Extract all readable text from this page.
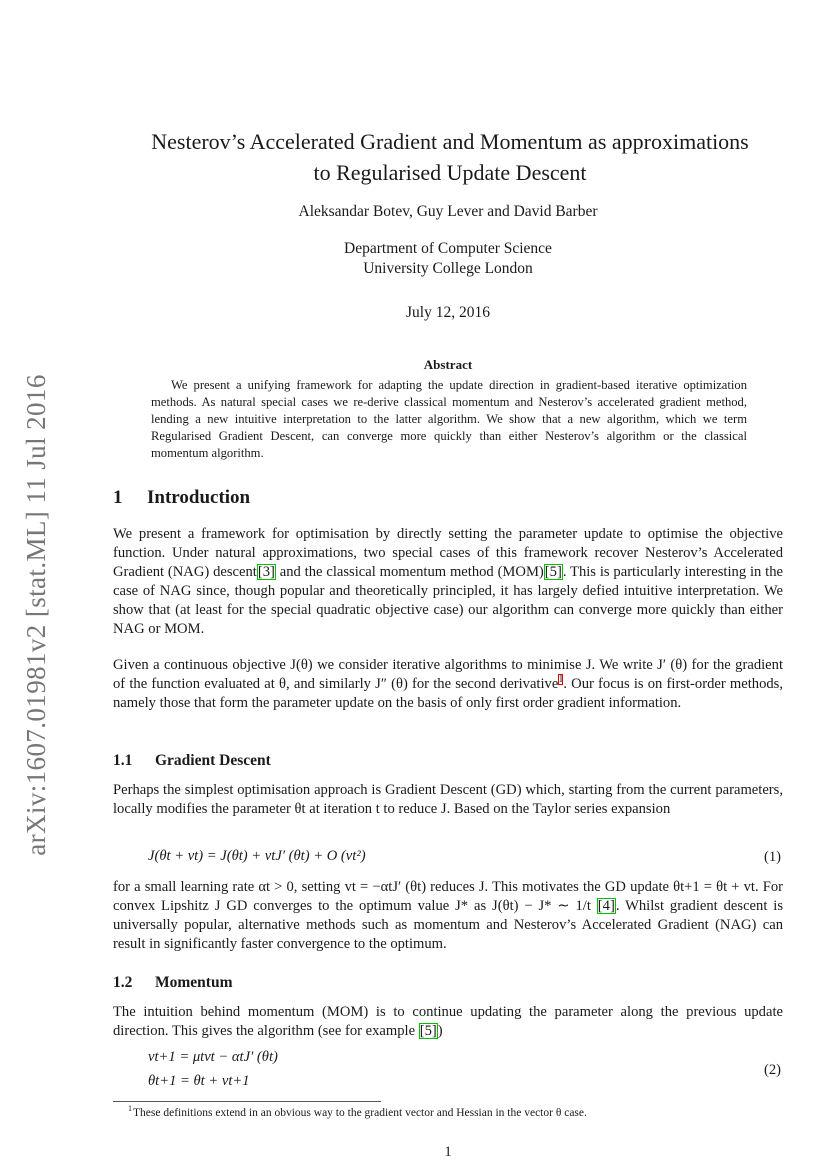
arXiv:1607.01981v2 [stat.ML] 11 Jul 2016
Nesterov’s Accelerated Gradient and Momentum as approximations
to Regularised Update Descent
Aleksandar Botev, Guy Lever and David Barber
Department of Computer Science
University College London
July 12, 2016
Abstract
We present a unifying framework for adapting the update direction in gradient-based iterative optimization methods. As natural special cases we re-derive classical momentum and Nesterov’s accelerated gradient method, lending a new intuitive interpretation to the latter algorithm. We show that a new algorithm, which we term Regularised Gradient Descent, can converge more quickly than either Nesterov’s algorithm or the classical momentum algorithm.
1 Introduction
We present a framework for optimisation by directly setting the parameter update to optimise the objective function. Under natural approximations, two special cases of this framework recover Nesterov’s Accelerated Gradient (NAG) descent[3] and the classical momentum method (MOM)[5]. This is particularly interesting in the case of NAG since, though popular and theoretically principled, it has largely defied intuitive interpretation. We show that (at least for the special quadratic objective case) our algorithm can converge more quickly than either NAG or MOM.
Given a continuous objective J(θ) we consider iterative algorithms to minimise J. We write J′ (θ) for the gradient of the function evaluated at θ, and similarly J″ (θ) for the second derivative$^1$. Our focus is on first-order methods, namely those that form the parameter update on the basis of only first order gradient information.
1.1 Gradient Descent
Perhaps the simplest optimisation approach is Gradient Descent (GD) which, starting from the current parameters, locally modifies the parameter θt at iteration t to reduce J. Based on the Taylor series expansion
J(θt + vt) = J(θt) + vtJ′ (θt) + O (vt²)	(1)
for a small learning rate αt > 0, setting vt = −αtJ′ (θt) reduces J. This motivates the GD update θt+1 = θt + vt. For convex Lipshitz J GD converges to the optimum value J* as J(θt) − J* ∼ 1/t [4]. Whilst gradient descent is universally popular, alternative methods such as momentum and Nesterov’s Accelerated Gradient (NAG) can result in significantly faster convergence to the optimum.
1.2 Momentum
The intuition behind momentum (MOM) is to continue updating the parameter along the previous update direction. This gives the algorithm (see for example [5])
vt+1 = μtvt − αtJ′ (θt)
θt+1 = θt + vt+1
(2)
$^1$These definitions extend in an obvious way to the gradient vector and Hessian in the vector θ case.
1
